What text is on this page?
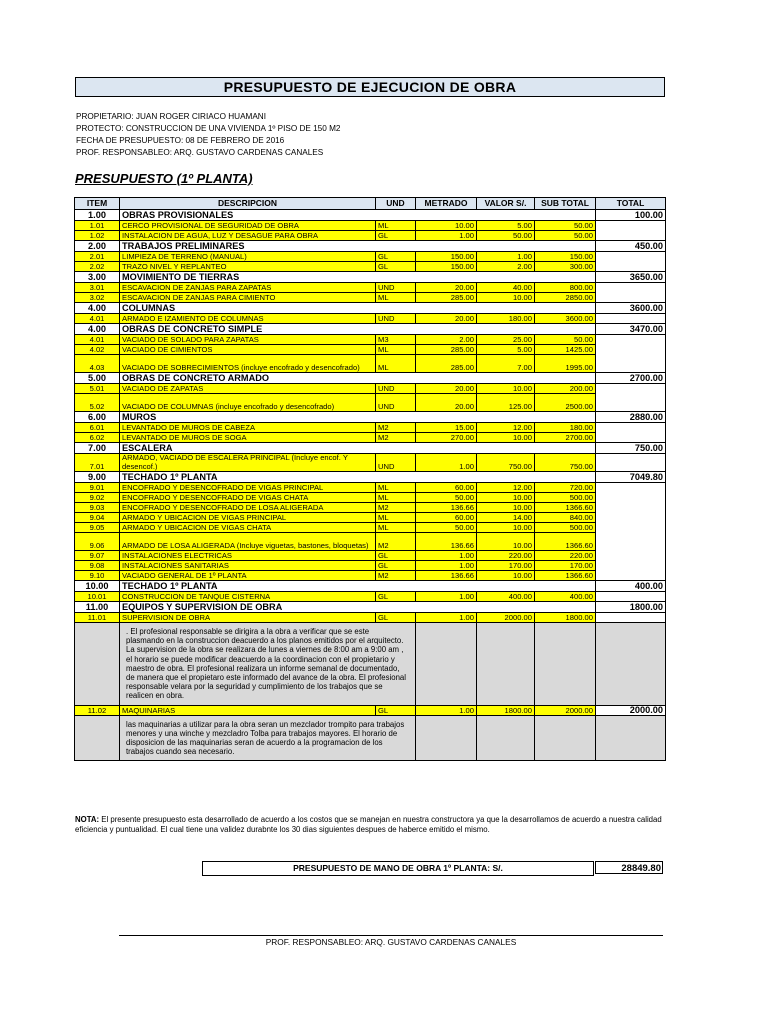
PRESUPUESTO DE EJECUCION DE OBRA
PROPIETARIO: JUAN ROGER CIRIACO HUAMANI
PROTECTO: CONSTRUCCION DE UNA VIVIENDA 1º PISO DE 150 M2
FECHA DE PRESUPUESTO: 08 DE FEBRERO DE 2016
PROF. RESPONSABLEO: ARQ. GUSTAVO CARDENAS CANALES
PRESUPUESTO (1º PLANTA)
ITEM	DESCRIPCION	UND	METRADO	VALOR S/.	SUB TOTAL	TOTAL
1.00	OBRAS PROVISIONALES					100.00
1.01	CERCO PROVISIONAL DE SEGURIDAD DE OBRA	ML	10.00	5.00	50.00	
1.02	INSTALACION DE AGUA, LUZ Y DESAGUE PARA OBRA	GL	1.00	50.00	50.00	
2.00	TRABAJOS PRELIMINARES					450.00
2.01	LIMPIEZA DE TERRENO (MANUAL)	GL	150.00	1.00	150.00	
2.02	TRAZO NIVEL Y REPLANTEO	GL	150.00	2.00	300.00	
3.00	MOVIMIENTO DE TIERRAS					3650.00
3.01	ESCAVACION DE ZANJAS PARA ZAPATAS	UND	20.00	40.00	800.00	
3.02	ESCAVACION DE ZANJAS PARA CIMIENTO	ML	285.00	10.00	2850.00	
4.00	COLUMNAS					3600.00
4.01	ARMADO E IZAMIENTO DE COLUMNAS	UND	20.00	180.00	3600.00	
4.00	OBRAS DE CONCRETO SIMPLE					3470.00
4.01	VACIADO DE SOLADO PARA ZAPATAS	M3	2.00	25.00	50.00	
4.02	VACIADO DE CIMIENTOS	ML	285.00	5.00	1425.00	
4.03	VACIADO DE SOBRECIMIENTOS (incluye encofrado y desencofrado)	ML	285.00	7.00	1995.00	
5.00	OBRAS DE CONCRETO ARMADO					2700.00
5.01	VACIADO DE ZAPATAS	UND	20.00	10.00	200.00	
5.02	VACIADO DE COLUMNAS (incluye encofrado y desencofrado)	UND	20.00	125.00	2500.00	
6.00	MUROS					2880.00
6.01	LEVANTADO DE MUROS DE CABEZA	M2	15.00	12.00	180.00	
6.02	LEVANTADO DE MUROS DE SOGA	M2	270.00	10.00	2700.00	
7.00	ESCALERA					750.00
7.01	ARMADO, VACIADO DE ESCALERA PRINCIPAL (Incluye encof. Y desencof.)	UND	1.00	750.00	750.00	
9.00	TECHADO 1º PLANTA					7049.80
9.01	ENCOFRADO Y DESENCOFRADO DE VIGAS PRINCIPAL	ML	60.00	12.00	720.00	
9.02	ENCOFRADO Y DESENCOFRADO DE VIGAS CHATA	ML	50.00	10.00	500.00	
9.03	ENCOFRADO Y DESENCOFRADO DE LOSA ALIGERADA	M2	136.66	10.00	1366.60	
9.04	ARMADO Y UBICACION DE VIGAS PRINCIPAL	ML	60.00	14.00	840.00	
9.05	ARMADO Y UBICACION DE VIGAS CHATA	ML	50.00	10.00	500.00	
9.06	ARMADO DE LOSA ALIGERADA (Incluye viguetas, bastones, bloquetas)	M2	136.66	10.00	1366.60	
9.07	INSTALACIONES ELECTRICAS	GL	1.00	220.00	220.00	
9.08	INSTALACIONES SANITARIAS	GL	1.00	170.00	170.00	
9.10	VACIADO GENERAL DE 1º PLANTA	M2	136.66	10.00	1366.60	
10.00	TECHADO 1º PLANTA					400.00
10.01	CONSTRUCCION DE TANQUE CISTERNA	GL	1.00	400.00	400.00	
11.00	EQUIPOS Y SUPERVISION DE OBRA					1800.00
11.01	SUPERVISION DE OBRA	GL	1.00	2000.00	1800.00	
	. El profesional responsable se dirigira a la obra a verificar que se este plasmando en la construccion deacuerdo a los planos emitidos por el arquitecto. La supervision de la obra se realizara de lunes a viernes de 8:00 am a 9:00 am , el horario se puede modificar deacuerdo a la coordinacion con el propietario y maestro de obra. El profesional realizara un informe semanal de documentado, de manera que el propietaro este informado del avance de la obra. El profesional responsable velara por la seguridad y cumplimiento de los trabajos que se realicen en obra.					
11.02	MAQUINARIAS	GL	1.00	1800.00	2000.00	2000.00
	las maquinarias a utilizar para la obra seran un mezclador trompito para trabajos menores y una winche y mezcladro Tolba para trabajos mayores. El horario de disposicion de las maquinarias seran de acuerdo a la programacion de los trabajos cuando sea necesario.					
NOTA: El presente presupuesto esta desarrollado de acuerdo a los costos que se manejan en nuestra constructora ya que la desarrollamos de acuerdo a nuestra calidad eficiencia y puntualidad. El cual tiene una validez durabnte los 30 dias siguientes despues de haberce emitido el mismo.
PRESUPUESTO DE MANO DE OBRA 1º PLANTA: S/.	28849.80
PROF. RESPONSABLEO: ARQ. GUSTAVO CARDENAS CANALES
